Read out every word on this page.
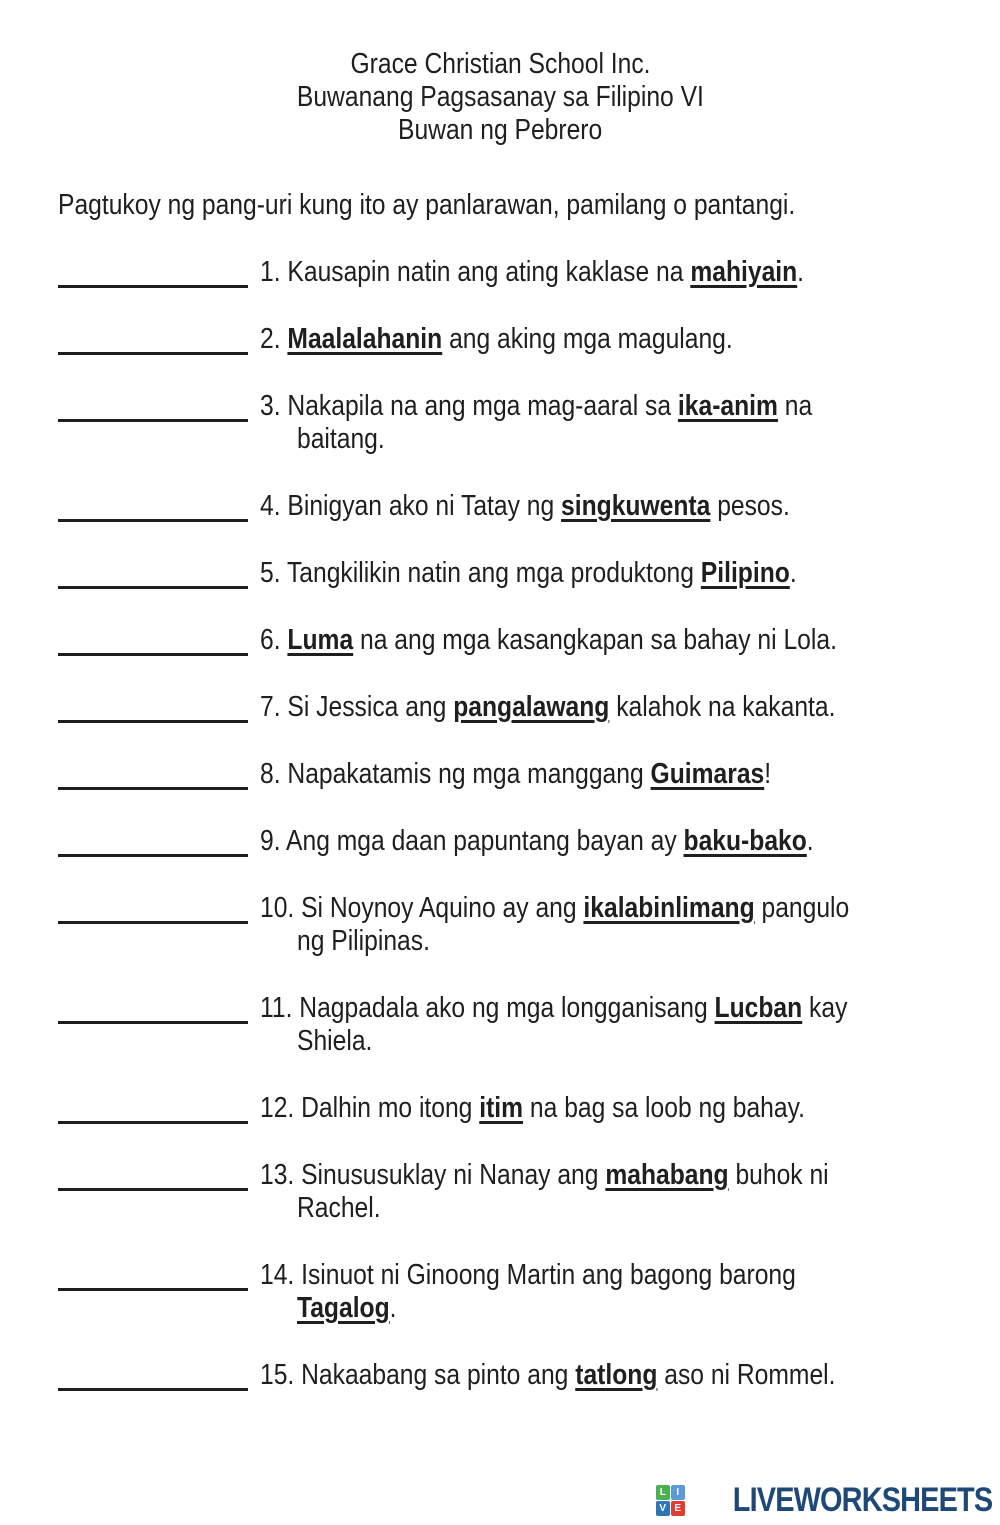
Grace Christian School Inc.
Buwanang Pagsasanay sa Filipino VI
Buwan ng Pebrero

Pagtukoy ng pang-uri kung ito ay panlarawan, pamilang o pantangi.

1. Kausapin natin ang ating kaklase na mahiyain.
2. Maalalahanin ang aking mga magulang.
3. Nakapila na ang mga mag-aaral sa ika-anim na
baitang.
4. Binigyan ako ni Tatay ng singkuwenta pesos.
5. Tangkilikin natin ang mga produktong Pilipino.
6. Luma na ang mga kasangkapan sa bahay ni Lola.
7. Si Jessica ang pangalawang kalahok na kakanta.
8. Napakatamis ng mga manggang Guimaras!
9. Ang mga daan papuntang bayan ay baku-bako.
10. Si Noynoy Aquino ay ang ikalabinlimang pangulo
ng Pilipinas.
11. Nagpadala ako ng mga longganisang Lucban kay
Shiela.
12. Dalhin mo itong itim na bag sa loob ng bahay.
13. Sinususuklay ni Nanay ang mahabang buhok ni
Rachel.
14. Isinuot ni Ginoong Martin ang bagong barong
Tagalog.
15. Nakaabang sa pinto ang tatlong aso ni Rommel.
L	I
V E LIVEWORKSHEETS
